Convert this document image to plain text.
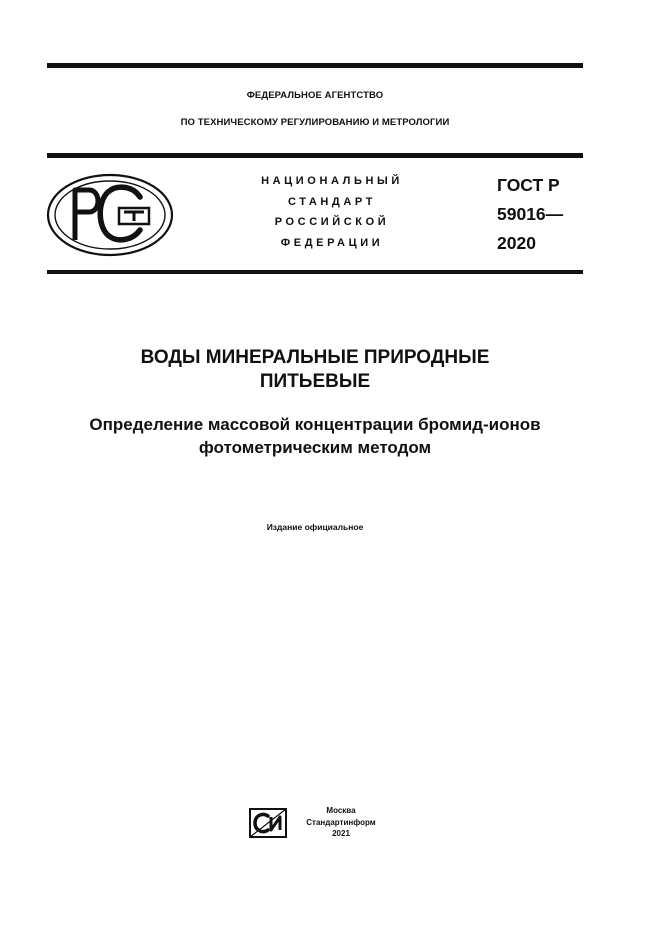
ФЕДЕРАЛЬНОЕ АГЕНТСТВО
ПО ТЕХНИЧЕСКОМУ РЕГУЛИРОВАНИЮ И МЕТРОЛОГИИ
НАЦИОНАЛЬНЫЙ
СТАНДАРТ
РОССИЙСКОЙ
ФЕДЕРАЦИИ
ГОСТ Р
59016—
2020
ВОДЫ МИНЕРАЛЬНЫЕ ПРИРОДНЫЕ
ПИТЬЕВЫЕ
Определение массовой концентрации бромид-ионов
фотометрическим методом
Издание официальное
Москва
Стандартинформ
2021
